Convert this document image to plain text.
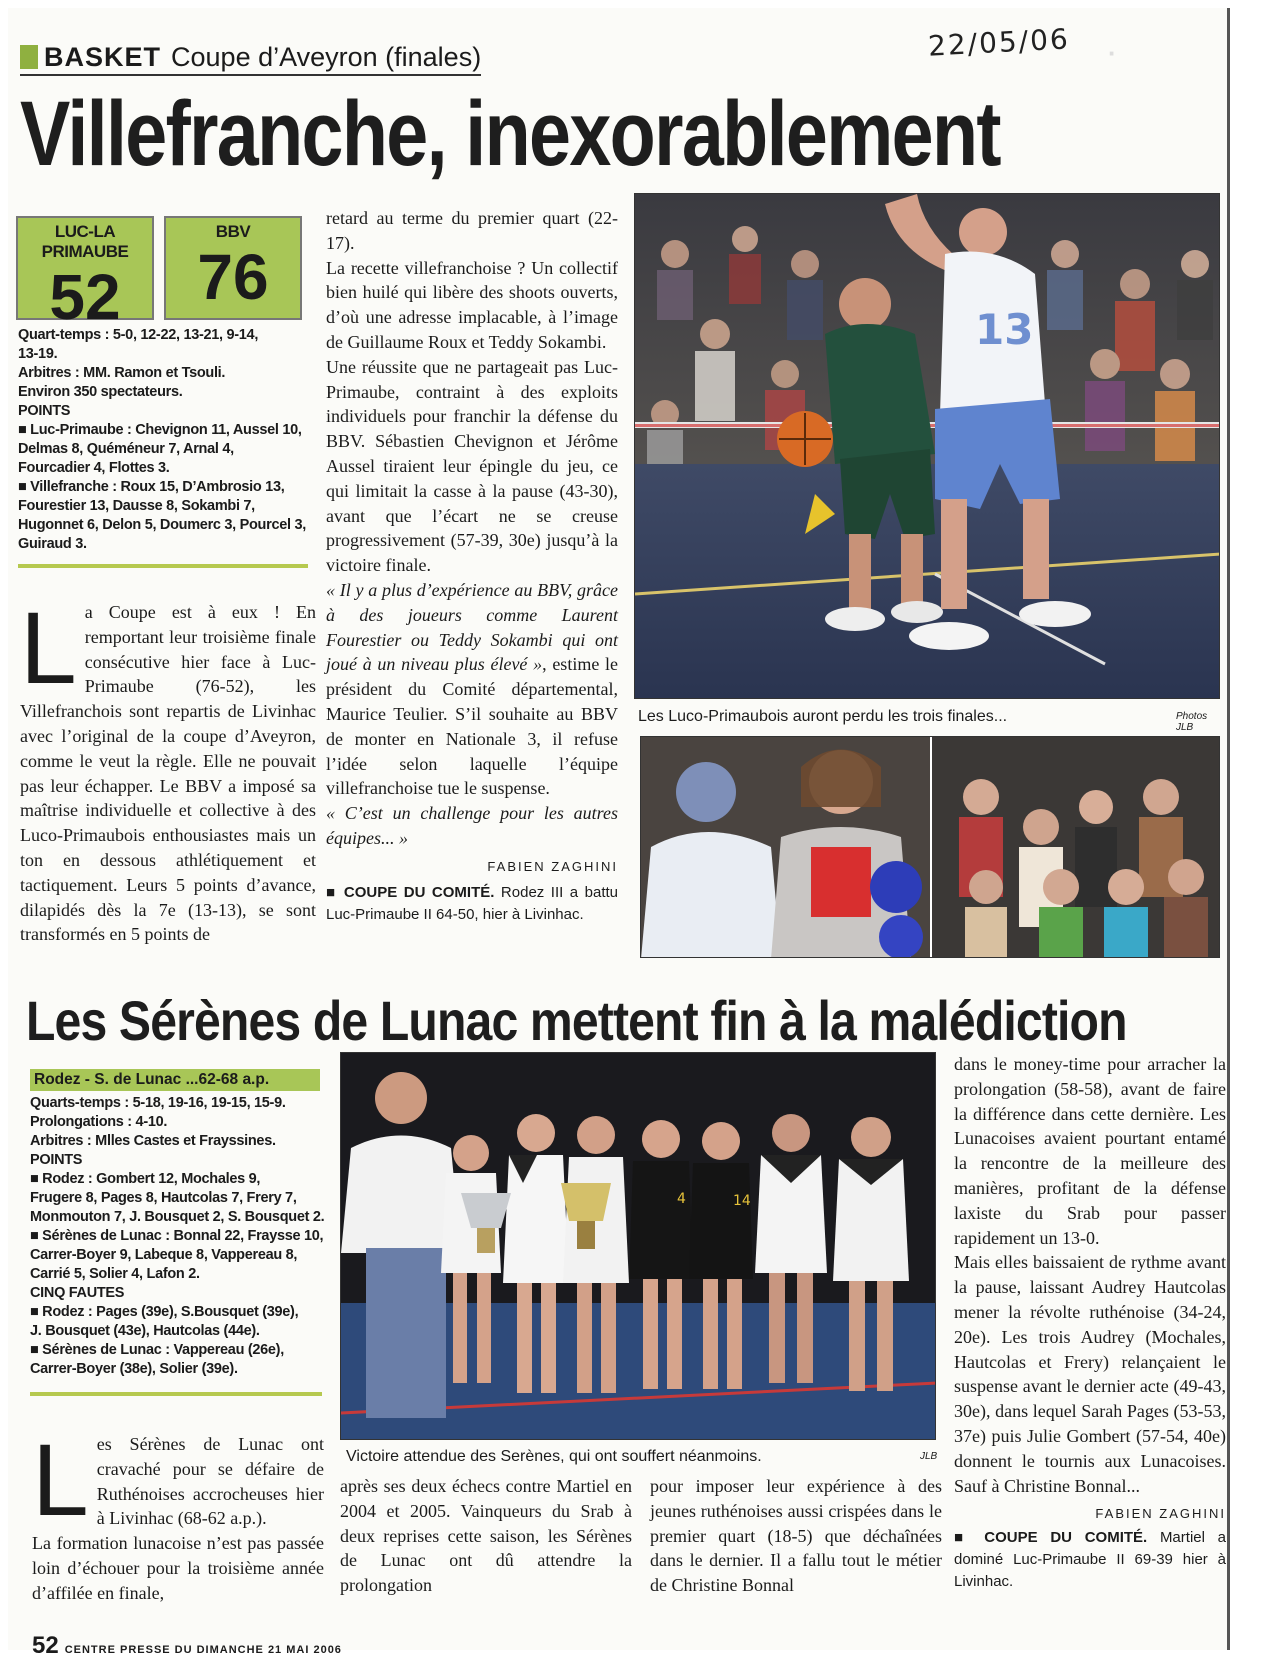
·
22/05/06
BASKET Coupe d’Aveyron (finales)
Villefranche, inexorablement
LUC-LA PRIMAUBE
52
BBV
76
Quart-temps : 5-0, 12-22, 13-21, 9-14,
13-19.
Arbitres : MM. Ramon et Tsouli.
Environ 350 spectateurs.
POINTS
■ Luc-Primaube : Chevignon 11, Aussel 10,
Delmas 8, Quéméneur 7, Arnal 4,
Fourcadier 4, Flottes 3.
■ Villefranche : Roux 15, D’Ambrosio 13,
Fourestier 13, Dausse 8, Sokambi 7,
Hugonnet 6, Delon 5, Doumerc 3, Pourcel 3,
Guiraud 3.
L a Coupe est à eux ! En remportant leur troisième finale consécutive hier face à Luc-Primaube (76-52), les Villefranchois sont repartis de Livinhac avec l’original de la coupe d’Aveyron, comme le veut la règle. Elle ne pouvait pas leur échapper. Le BBV a imposé sa maîtrise individuelle et collective à des Luco-Primaubois enthousiastes mais un ton en dessous athlétiquement et tactiquement. Leurs 5 points d’avance, dilapidés dès la 7e (13-13), se sont transformés en 5 points de

retard au terme du premier quart (22-17).

La recette villefranchoise ? Un collectif bien huilé qui libère des shoots ouverts, d’où une adresse implacable, à l’image de Guillaume Roux et Teddy Sokambi.

Une réussite que ne partageait pas Luc-Primaube, contraint à des exploits individuels pour franchir la défense du BBV. Sébastien Chevignon et Jérôme Aussel tiraient leur épingle du jeu, ce qui limitait la casse à la pause (43-30), avant que l’écart ne se creuse progressivement (57-39, 30e) jusqu’à la victoire finale.

« Il y a plus d’expérience au BBV, grâce à des joueurs comme Laurent Fourestier ou Teddy Sokambi qui ont joué à un niveau plus élevé », estime le président du Comité départemental, Maurice Teulier. S’il souhaite au BBV de monter en Nationale 3, il refuse l’idée selon laquelle l’équipe villefranchoise tue le suspense.

« C’est un challenge pour les autres équipes... »

FABIEN ZAGHINI
■ COUPE DU COMITÉ. Rodez III a battu Luc-Primaube II 64-50, hier à Livinhac.
13
Les Luco-Primaubois auront perdu les trois finales...	Photos JLB
Les Sérènes de Lunac mettent fin à la malédiction
Rodez - S. de Lunac ...62-68 a.p.
Quarts-temps : 5-18, 19-16, 19-15, 15-9.
Prolongations : 4-10.
Arbitres : Mlles Castes et Frayssines.
POINTS
■ Rodez : Gombert 12, Mochales 9,
Frugere 8, Pages 8, Hautcolas 7, Frery 7,
Monmouton 7, J. Bousquet 2, S. Bousquet 2.
■ Sérènes de Lunac : Bonnal 22, Fraysse 10,
Carrer-Boyer 9, Labeque 8, Vappereau 8,
Carrié 5, Solier 4, Lafon 2.
CINQ FAUTES
■ Rodez : Pages (39e), S.Bousquet (39e),
J. Bousquet (43e), Hautcolas (44e).
■ Sérènes de Lunac : Vappereau (26e),
Carrer-Boyer (38e), Solier (39e).
L es Sérènes de Lunac ont cravaché pour se défaire de Ruthénoises accrocheuses hier à Livinhac (68-62 a.p.).

La formation lunacoise n’est pas passée loin d’échouer pour la troisième année d’affilée en finale,

4	14
Victoire attendue des Serènes, qui ont souffert néanmoins.	JLB
après ses deux échecs contre Martiel en 2004 et 2005. Vainqueurs du Srab à deux reprises cette saison, les Sérènes de Lunac ont dû attendre la prolongation
pour imposer leur expérience à des jeunes ruthénoises aussi crispées dans le premier quart (18-5) que déchaînées dans le dernier. Il a fallu tout le métier de Christine Bonnal

dans le money-time pour arracher la prolongation (58-58), avant de faire la différence dans cette dernière. Les Lunacoises avaient pourtant entamé la rencontre de la meilleure des manières, profitant de la défense laxiste du Srab pour passer rapidement un 13-0.

Mais elles baissaient de rythme avant la pause, laissant Audrey Hautcolas mener la révolte ruthénoise (34-24, 20e). Les trois Audrey (Mochales, Hautcolas et Frery) relançaient le suspense avant le dernier acte (49-43, 30e), dans lequel Sarah Pages (53-53, 37e) puis Julie Gombert (57-54, 40e) donnent le tournis aux Lunacoises. Sauf à Christine Bonnal...

FABIEN ZAGHINI
■ COUPE DU COMITÉ. Martiel a dominé Luc-Primaube II 69-39 hier à Livinhac.
52 CENTRE PRESSE DU DIMANCHE 21 MAI 2006
